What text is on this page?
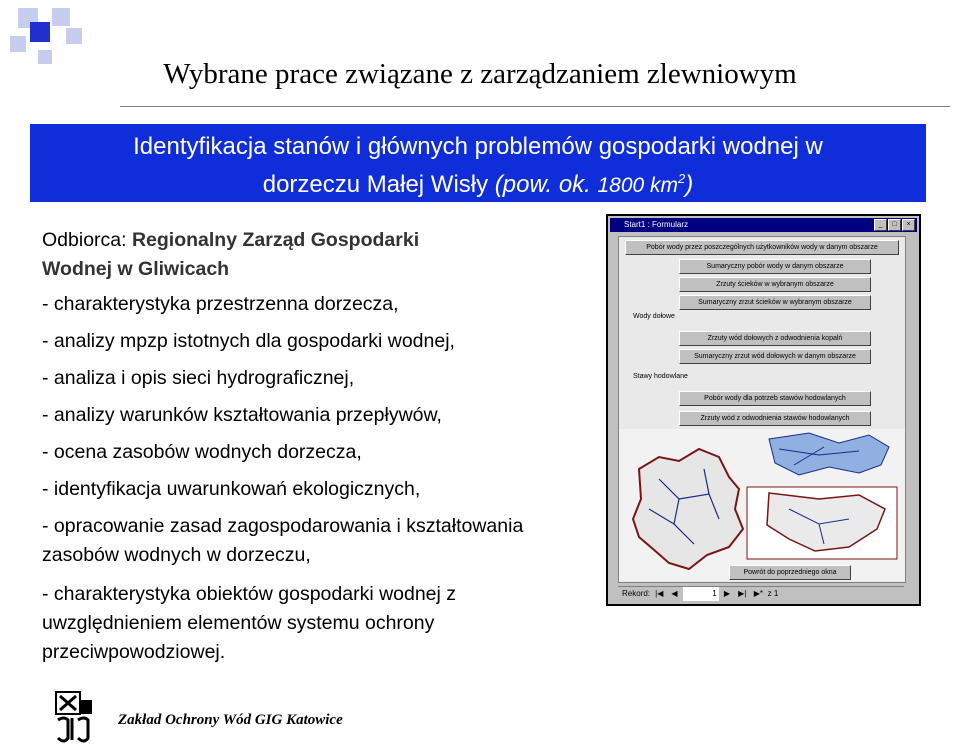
Wybrane prace związane z zarządzaniem zlewniowym
Identyfikacja stanów i głównych problemów gospodarki wodnej w
dorzeczu Małej Wisły (pow. ok. 1800 $km^2$)
Odbiorca: Regionalny Zarząd Gospodarki
Wodnej w Gliwicach

- charakterystyka przestrzenna dorzecza,

- analizy mpzp istotnych dla gospodarki wodnej,

- analiza i opis sieci hydrograficznej,

- analizy warunków kształtowania przepływów,

- ocena zasobów wodnych dorzecza,

- identyfikacja uwarunkowań ekologicznych,

- opracowanie zasad zagospodarowania i kształtowania zasobów wodnych w dorzeczu,

- charakterystyka obiektów gospodarki wodnej z uwzględnieniem elementów systemu ochrony przeciwpowodziowej.

Start1 : Formularz	_	□	×
Pobór wody przez poszczególnych użytkowników wody w danym obszarze
Sumaryczny pobór wody w danym obszarze
Zrzuty ścieków w wybranym obszarze
Sumaryczny zrzut ścieków w wybranym obszarze
Wody dołowe
Zrzuty wód dołowych z odwodnienia kopalń
Sumaryczny zrzut wód dołowych w danym obszarze
Stawy hodowlane
Pobór wody dla potrzeb stawów hodowlanych
Zrzuty wód z odwodnienia stawów hodowlanych
Powrót do poprzedniego okna
Rekord: |◀ ◀	1 ▶ ▶| ▶* z 1
Zakład Ochrony Wód GIG Katowice
